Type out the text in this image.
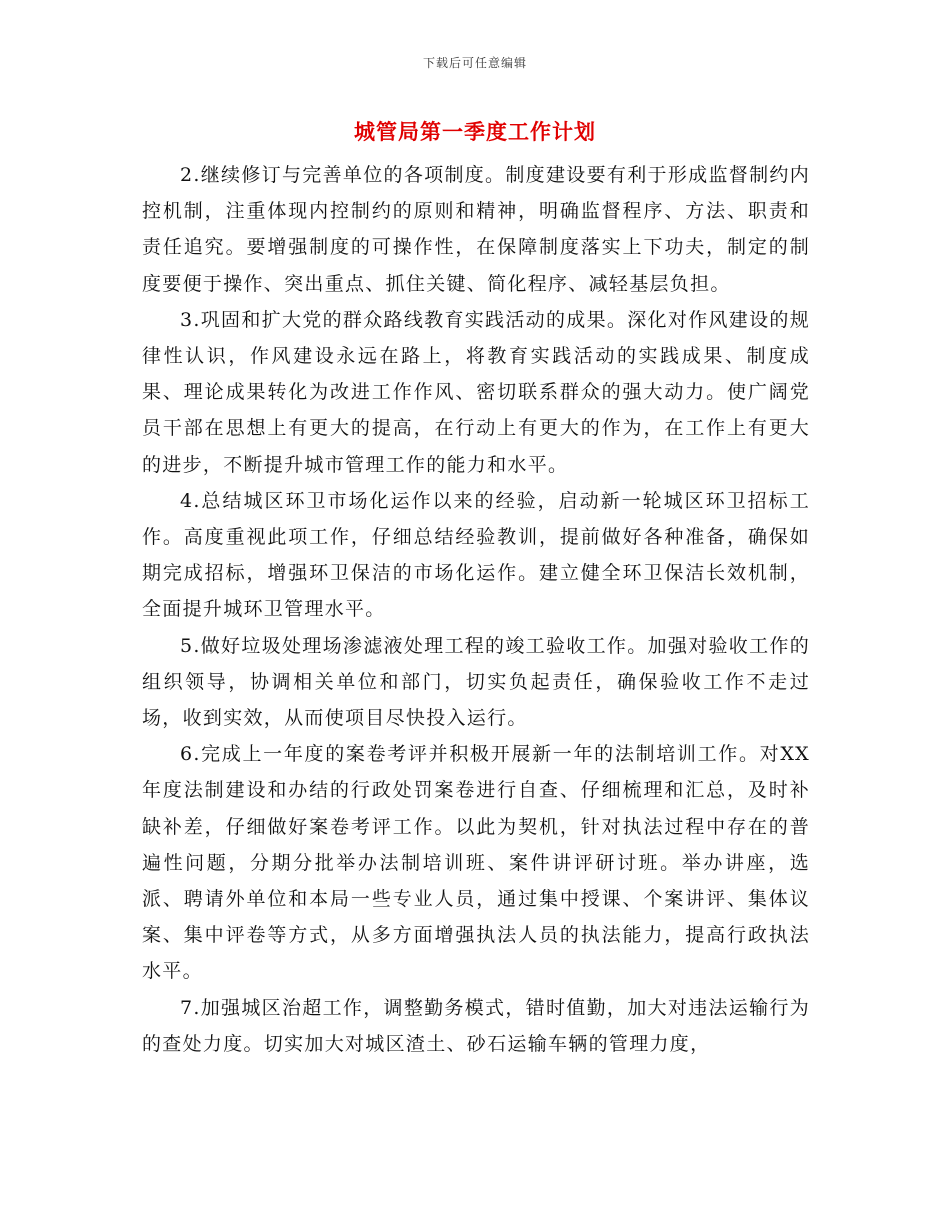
下载后可任意编辑
城管局第一季度工作计划

2.继续修订与完善单位的各项制度。制度建设要有利于形成监督制约内控机制，注重体现内控制约的原则和精神，明确监督程序、方法、职责和责任追究。要增强制度的可操作性，在保障制度落实上下功夫，制定的制度要便于操作、突出重点、抓住关键、简化程序、减轻基层负担。

3.巩固和扩大党的群众路线教育实践活动的成果。深化对作风建设的规律性认识，作风建设永远在路上，将教育实践活动的实践成果、制度成果、理论成果转化为改进工作作风、密切联系群众的强大动力。使广阔党员干部在思想上有更大的提高，在行动上有更大的作为，在工作上有更大的进步，不断提升城市管理工作的能力和水平。

4.总结城区环卫市场化运作以来的经验，启动新一轮城区环卫招标工作。高度重视此项工作，仔细总结经验教训，提前做好各种准备，确保如期完成招标，增强环卫保洁的市场化运作。建立健全环卫保洁长效机制，全面提升城环卫管理水平。

5.做好垃圾处理场渗滤液处理工程的竣工验收工作。加强对验收工作的组织领导，协调相关单位和部门，切实负起责任，确保验收工作不走过场，收到实效，从而使项目尽快投入运行。

6.完成上一年度的案卷考评并积极开展新一年的法制培训工作。对XX年度法制建设和办结的行政处罚案卷进行自查、仔细梳理和汇总，及时补缺补差，仔细做好案卷考评工作。以此为契机，针对执法过程中存在的普遍性问题，分期分批举办法制培训班、案件讲评研讨班。举办讲座，选派、聘请外单位和本局一些专业人员，通过集中授课、个案讲评、集体议案、集中评卷等方式，从多方面增强执法人员的执法能力，提高行政执法水平。

7.加强城区治超工作，调整勤务模式，错时值勤，加大对违法运输行为的查处力度。切实加大对城区渣土、砂石运输车辆的管理力度，
